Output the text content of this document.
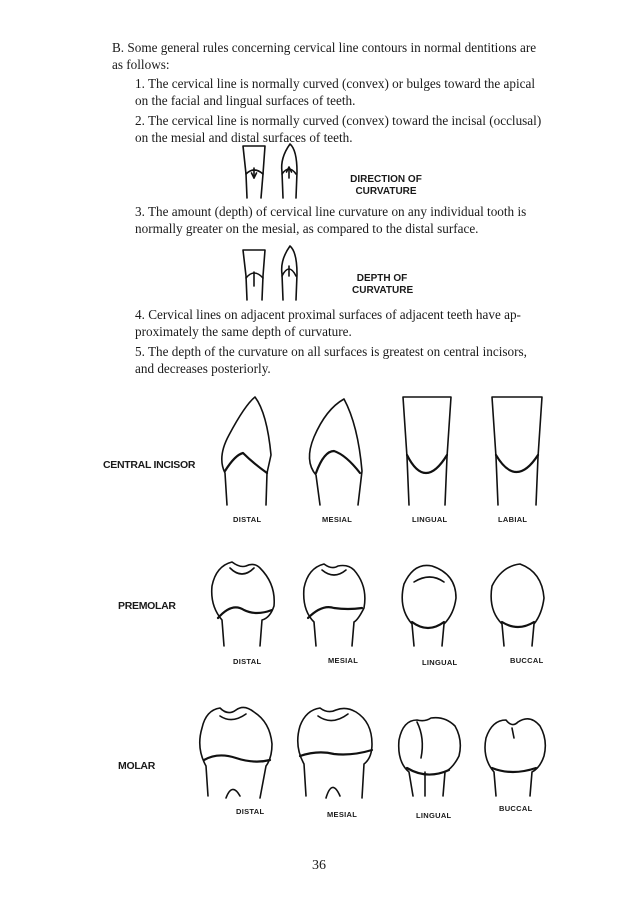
B. Some general rules concerning cervical line contours in normal dentitions are

as follows:

1. The cervical line is normally curved (convex) or bulges toward the apical

on the facial and lingual surfaces of teeth.

2. The cervical line is normally curved (convex) toward the incisal (occlusal)

on the mesial and distal surfaces of teeth.

DIRECTION OF
CURVATURE

3. The amount (depth) of cervical line curvature on any individual tooth is

normally greater on the mesial, as compared to the distal surface.

DEPTH OF
CURVATURE

4. Cervical lines on adjacent proximal surfaces of adjacent teeth have ap-

proximately the same depth of curvature.

5. The depth of the curvature on all surfaces is greatest on central incisors,

and decreases posteriorly.

CENTRAL INCISOR
DISTAL	MESIAL	LINGUAL	LABIAL
PREMOLAR
DISTAL	MESIAL	LINGUAL	BUCCAL
MOLAR
DISTAL	MESIAL	LINGUAL
BUCCAL
36
